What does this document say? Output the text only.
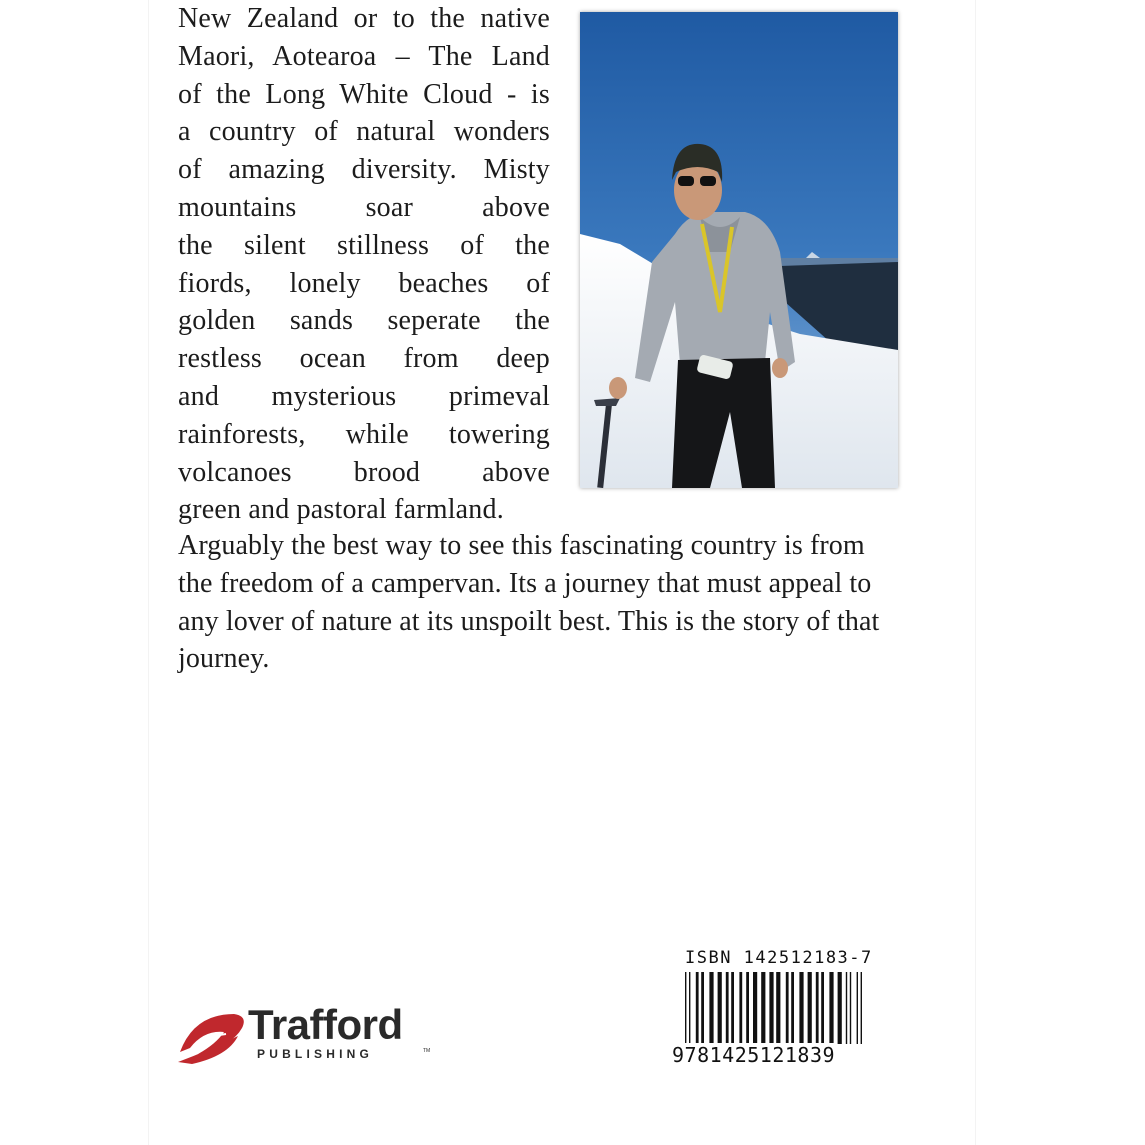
New Zealand or to the native

Maori, Aotearoa – The Land

of the Long White Cloud - is

a country of natural wonders

of amazing diversity. Misty

mountains soar above

the silent stillness of the

fiords, lonely beaches of

golden sands seperate the

restless ocean from deep

and mysterious primeval

rainforests, while towering

volcanoes brood above

green and pastoral farmland.

Arguably the best way to see this fascinating country is from the freedom of a campervan. Its a journey that must appeal to any lover of nature at its unspoilt best. This is the story of that journey.

Trafford
PUBLISHING	TM
ISBN 142512183-7
9781425121839
